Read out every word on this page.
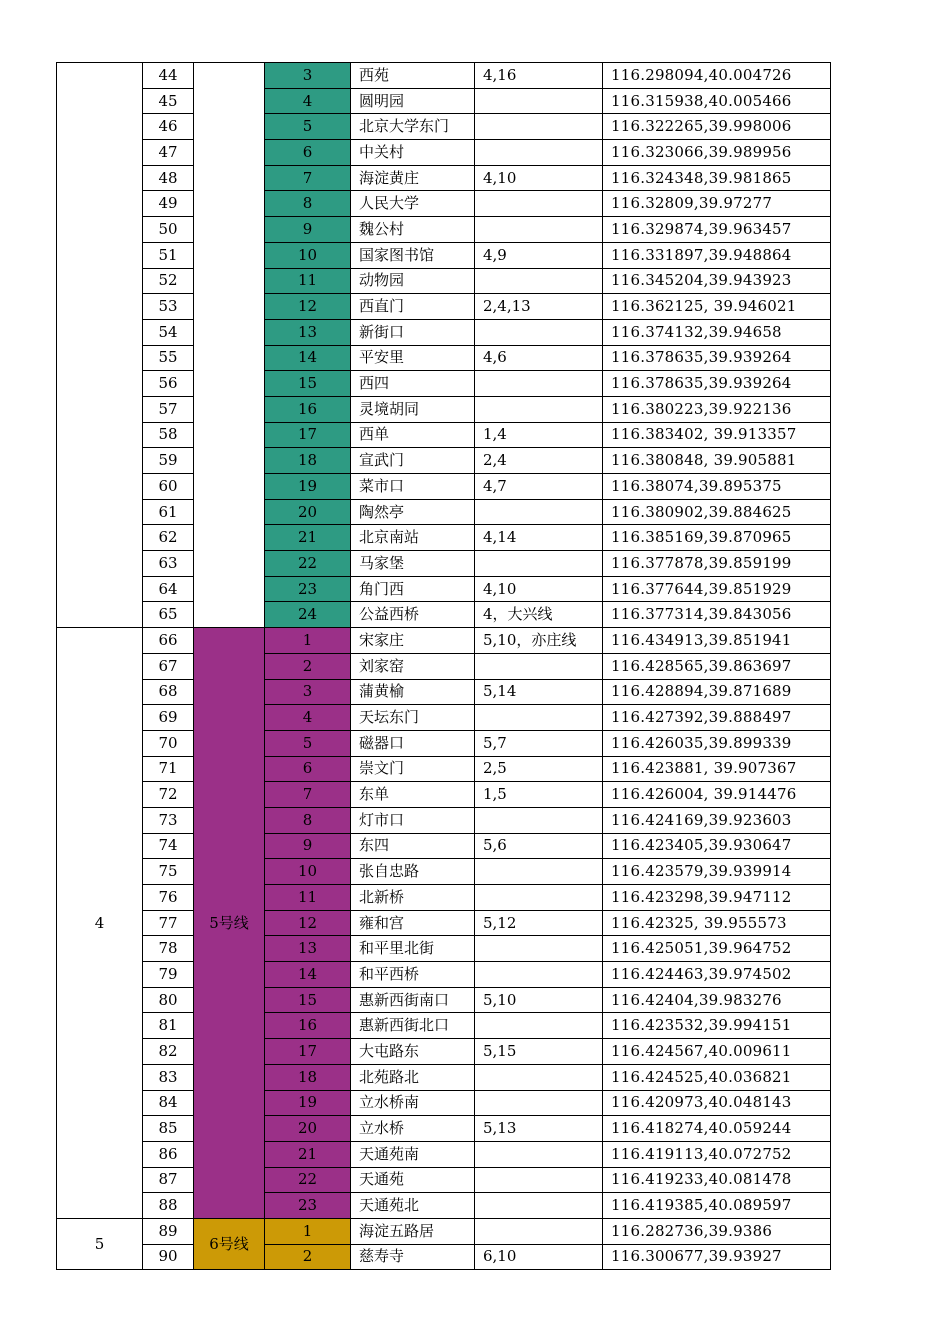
	44		3	西苑	4,16	116.298094,40.004726
	45		4	圆明园		116.315938,40.005466
	46		5	北京大学东门		116.322265,39.998006
	47		6	中关村		116.323066,39.989956
	48		7	海淀黄庄	4,10	116.324348,39.981865
	49		8	人民大学		116.32809,39.97277
	50		9	魏公村		116.329874,39.963457
	51		10	国家图书馆	4,9	116.331897,39.948864
	52		11	动物园		116.345204,39.943923
	53		12	西直门	2,4,13	116.362125, 39.946021
	54		13	新街口		116.374132,39.94658
	55		14	平安里	4,6	116.378635,39.939264
	56		15	西四		116.378635,39.939264
	57		16	灵境胡同		116.380223,39.922136
	58		17	西单	1,4	116.383402, 39.913357
	59		18	宣武门	2,4	116.380848, 39.905881
	60		19	菜市口	4,7	116.38074,39.895375
	61		20	陶然亭		116.380902,39.884625
	62		21	北京南站	4,14	116.385169,39.870965
	63		22	马家堡		116.377878,39.859199
	64		23	角门西	4,10	116.377644,39.851929
	65		24	公益西桥	4，大兴线	116.377314,39.843056
4	66	5号线	1	宋家庄	5,10，亦庄线	116.434913,39.851941
	67		2	刘家窑		116.428565,39.863697
	68		3	蒲黄榆	5,14	116.428894,39.871689
	69		4	天坛东门		116.427392,39.888497
	70		5	磁器口	5,7	116.426035,39.899339
	71		6	崇文门	2,5	116.423881, 39.907367
	72		7	东单	1,5	116.426004, 39.914476
	73		8	灯市口		116.424169,39.923603
	74		9	东四	5,6	116.423405,39.930647
	75		10	张自忠路		116.423579,39.939914
	76		11	北新桥		116.423298,39.947112
	77		12	雍和宫	5,12	116.42325, 39.955573
	78		13	和平里北街		116.425051,39.964752
	79		14	和平西桥		116.424463,39.974502
	80		15	惠新西街南口	5,10	116.42404,39.983276
	81		16	惠新西街北口		116.423532,39.994151
	82		17	大屯路东	5,15	116.424567,40.009611
	83		18	北苑路北		116.424525,40.036821
	84		19	立水桥南		116.420973,40.048143
	85		20	立水桥	5,13	116.418274,40.059244
	86		21	天通苑南		116.419113,40.072752
	87		22	天通苑		116.419233,40.081478
	88		23	天通苑北		116.419385,40.089597
5	89	6号线	1	海淀五路居		116.282736,39.9386
	90		2	慈寿寺	6,10	116.300677,39.93927
